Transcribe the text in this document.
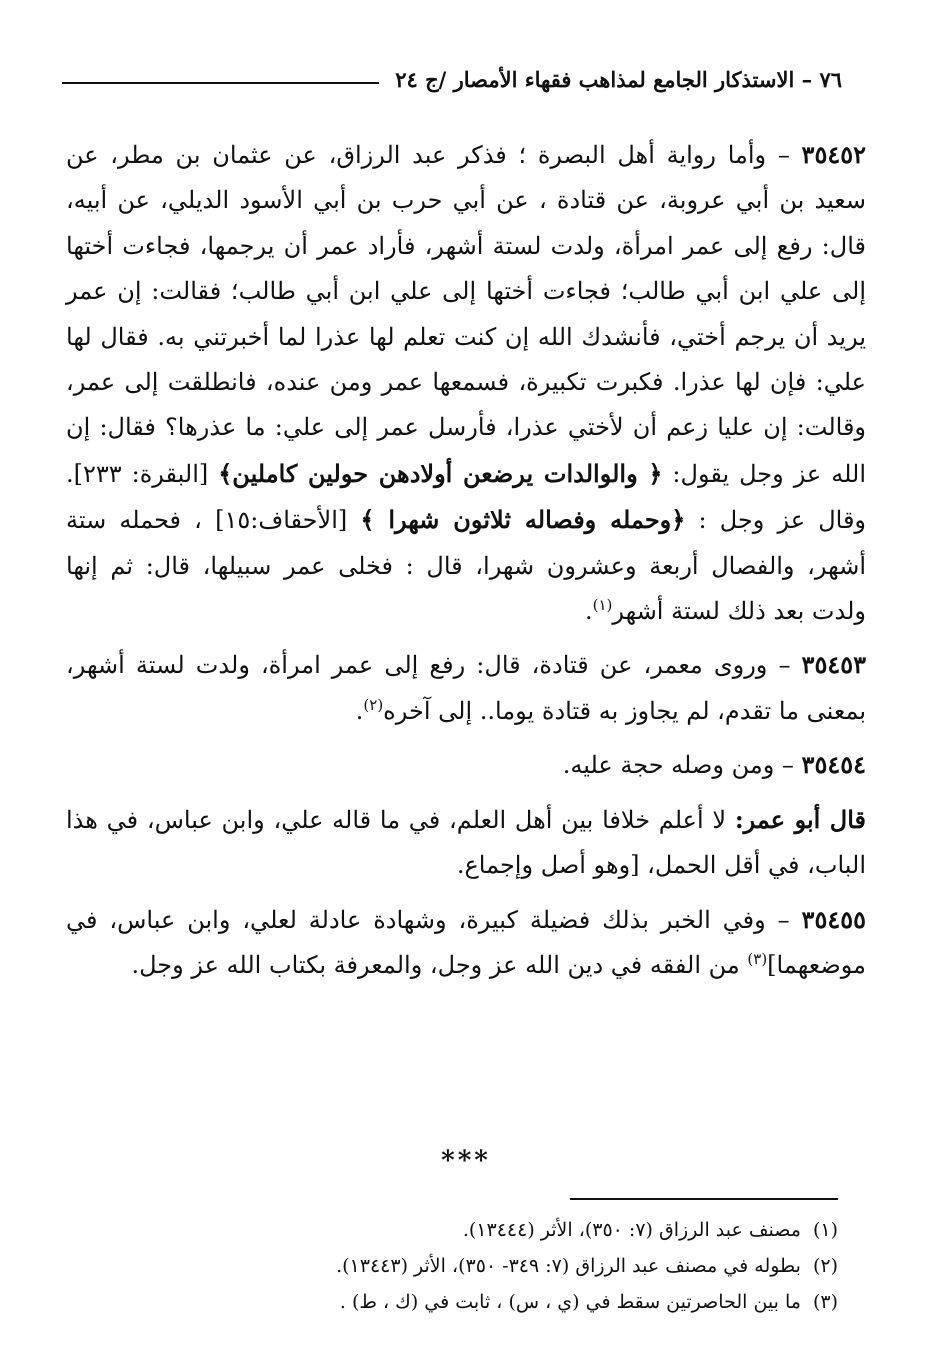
٧٦ – الاستذكار الجامع لمذاهب فقهاء الأمصار /ج ٢٤

٣٥٤٥٢ – وأما رواية أهل البصرة ؛ فذكر عبد الرزاق، عن عثمان بن مطر، عن سعيد بن أبي عروبة، عن قتادة ، عن أبي حرب بن أبي الأسود الديلي، عن أبيه، قال: رفع إلى عمر امرأة، ولدت لستة أشهر، فأراد عمر أن يرجمها، فجاءت أختها إلى علي ابن أبي طالب؛ فجاءت أختها إلى علي ابن أبي طالب؛ فقالت: إن عمر يريد أن يرجم أختي، فأنشدك الله إن كنت تعلم لها عذرا لما أخبرتني به. فقال لها علي: فإن لها عذرا. فكبرت تكبيرة، فسمعها عمر ومن عنده، فانطلقت إلى عمر، وقالت: إن عليا زعم أن لأختي عذرا، فأرسل عمر إلى علي: ما عذرها؟ فقال: إن الله عز وجل يقول: ﴿ والوالدات يرضعن أولادهن حولين كاملين﴾ [البقرة: ٢٣٣]. وقال عز وجل : ﴿وحمله وفصاله ثلاثون شهرا ﴾ [الأحقاف:١٥] ، فحمله ستة أشهر، والفصال أربعة وعشرون شهرا، قال : فخلى عمر سبيلها، قال: ثم إنها ولدت بعد ذلك لستة أشهر$^{(١)}$.

٣٥٤٥٣ – وروى معمر، عن قتادة، قال: رفع إلى عمر امرأة، ولدت لستة أشهر، بمعنى ما تقدم، لم يجاوز به قتادة يوما.. إلى آخره$^{(٢)}$.

٣٥٤٥٤ – ومن وصله حجة عليه.

قال أبو عمر: لا أعلم خلافا بين أهل العلم، في ما قاله علي، وابن عباس، في هذا الباب، في أقل الحمل، [وهو أصل وإجماع.

٣٥٤٥٥ – وفي الخبر بذلك فضيلة كبيرة، وشهادة عادلة لعلي، وابن عباس، في موضعهما]$^{(٣)}$ من الفقه في دين الله عز وجل، والمعرفة بكتاب الله عز وجل.

***

(١)مصنف عبد الرزاق (٧: ٣٥٠)، الأثر (١٣٤٤٤).

(٢)بطوله في مصنف عبد الرزاق (٧: ٣٤٩- ٣٥٠)، الأثر (١٣٤٤٣).

(٣)ما بين الحاصرتين سقط في (ي ، س) ، ثابت في (ك ، ط) .
